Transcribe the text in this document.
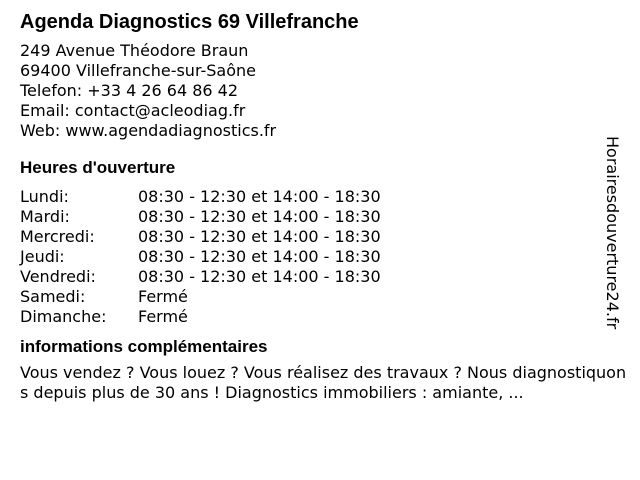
Agenda Diagnostics 69 Villefranche
249 Avenue Théodore Braun
69400 Villefranche-sur-Saône
Telefon: +33 4 26 64 86 42
Email: contact@acleodiag.fr
Web: www.agendadiagnostics.fr
Heures d'ouverture
Lundi:	08:30 - 12:30 et 14:00 - 18:30
Mardi:	08:30 - 12:30 et 14:00 - 18:30
Mercredi:	08:30 - 12:30 et 14:00 - 18:30
Jeudi:	08:30 - 12:30 et 14:00 - 18:30
Vendredi:	08:30 - 12:30 et 14:00 - 18:30
Samedi:	Fermé
Dimanche:	Fermé
informations complémentaires
Vous vendez ? Vous louez ? Vous réalisez des travaux ? Nous diagnostiquons depuis plus de 30 ans ! Diagnostics immobiliers : amiante, ...
Horairesdouverture24.fr
